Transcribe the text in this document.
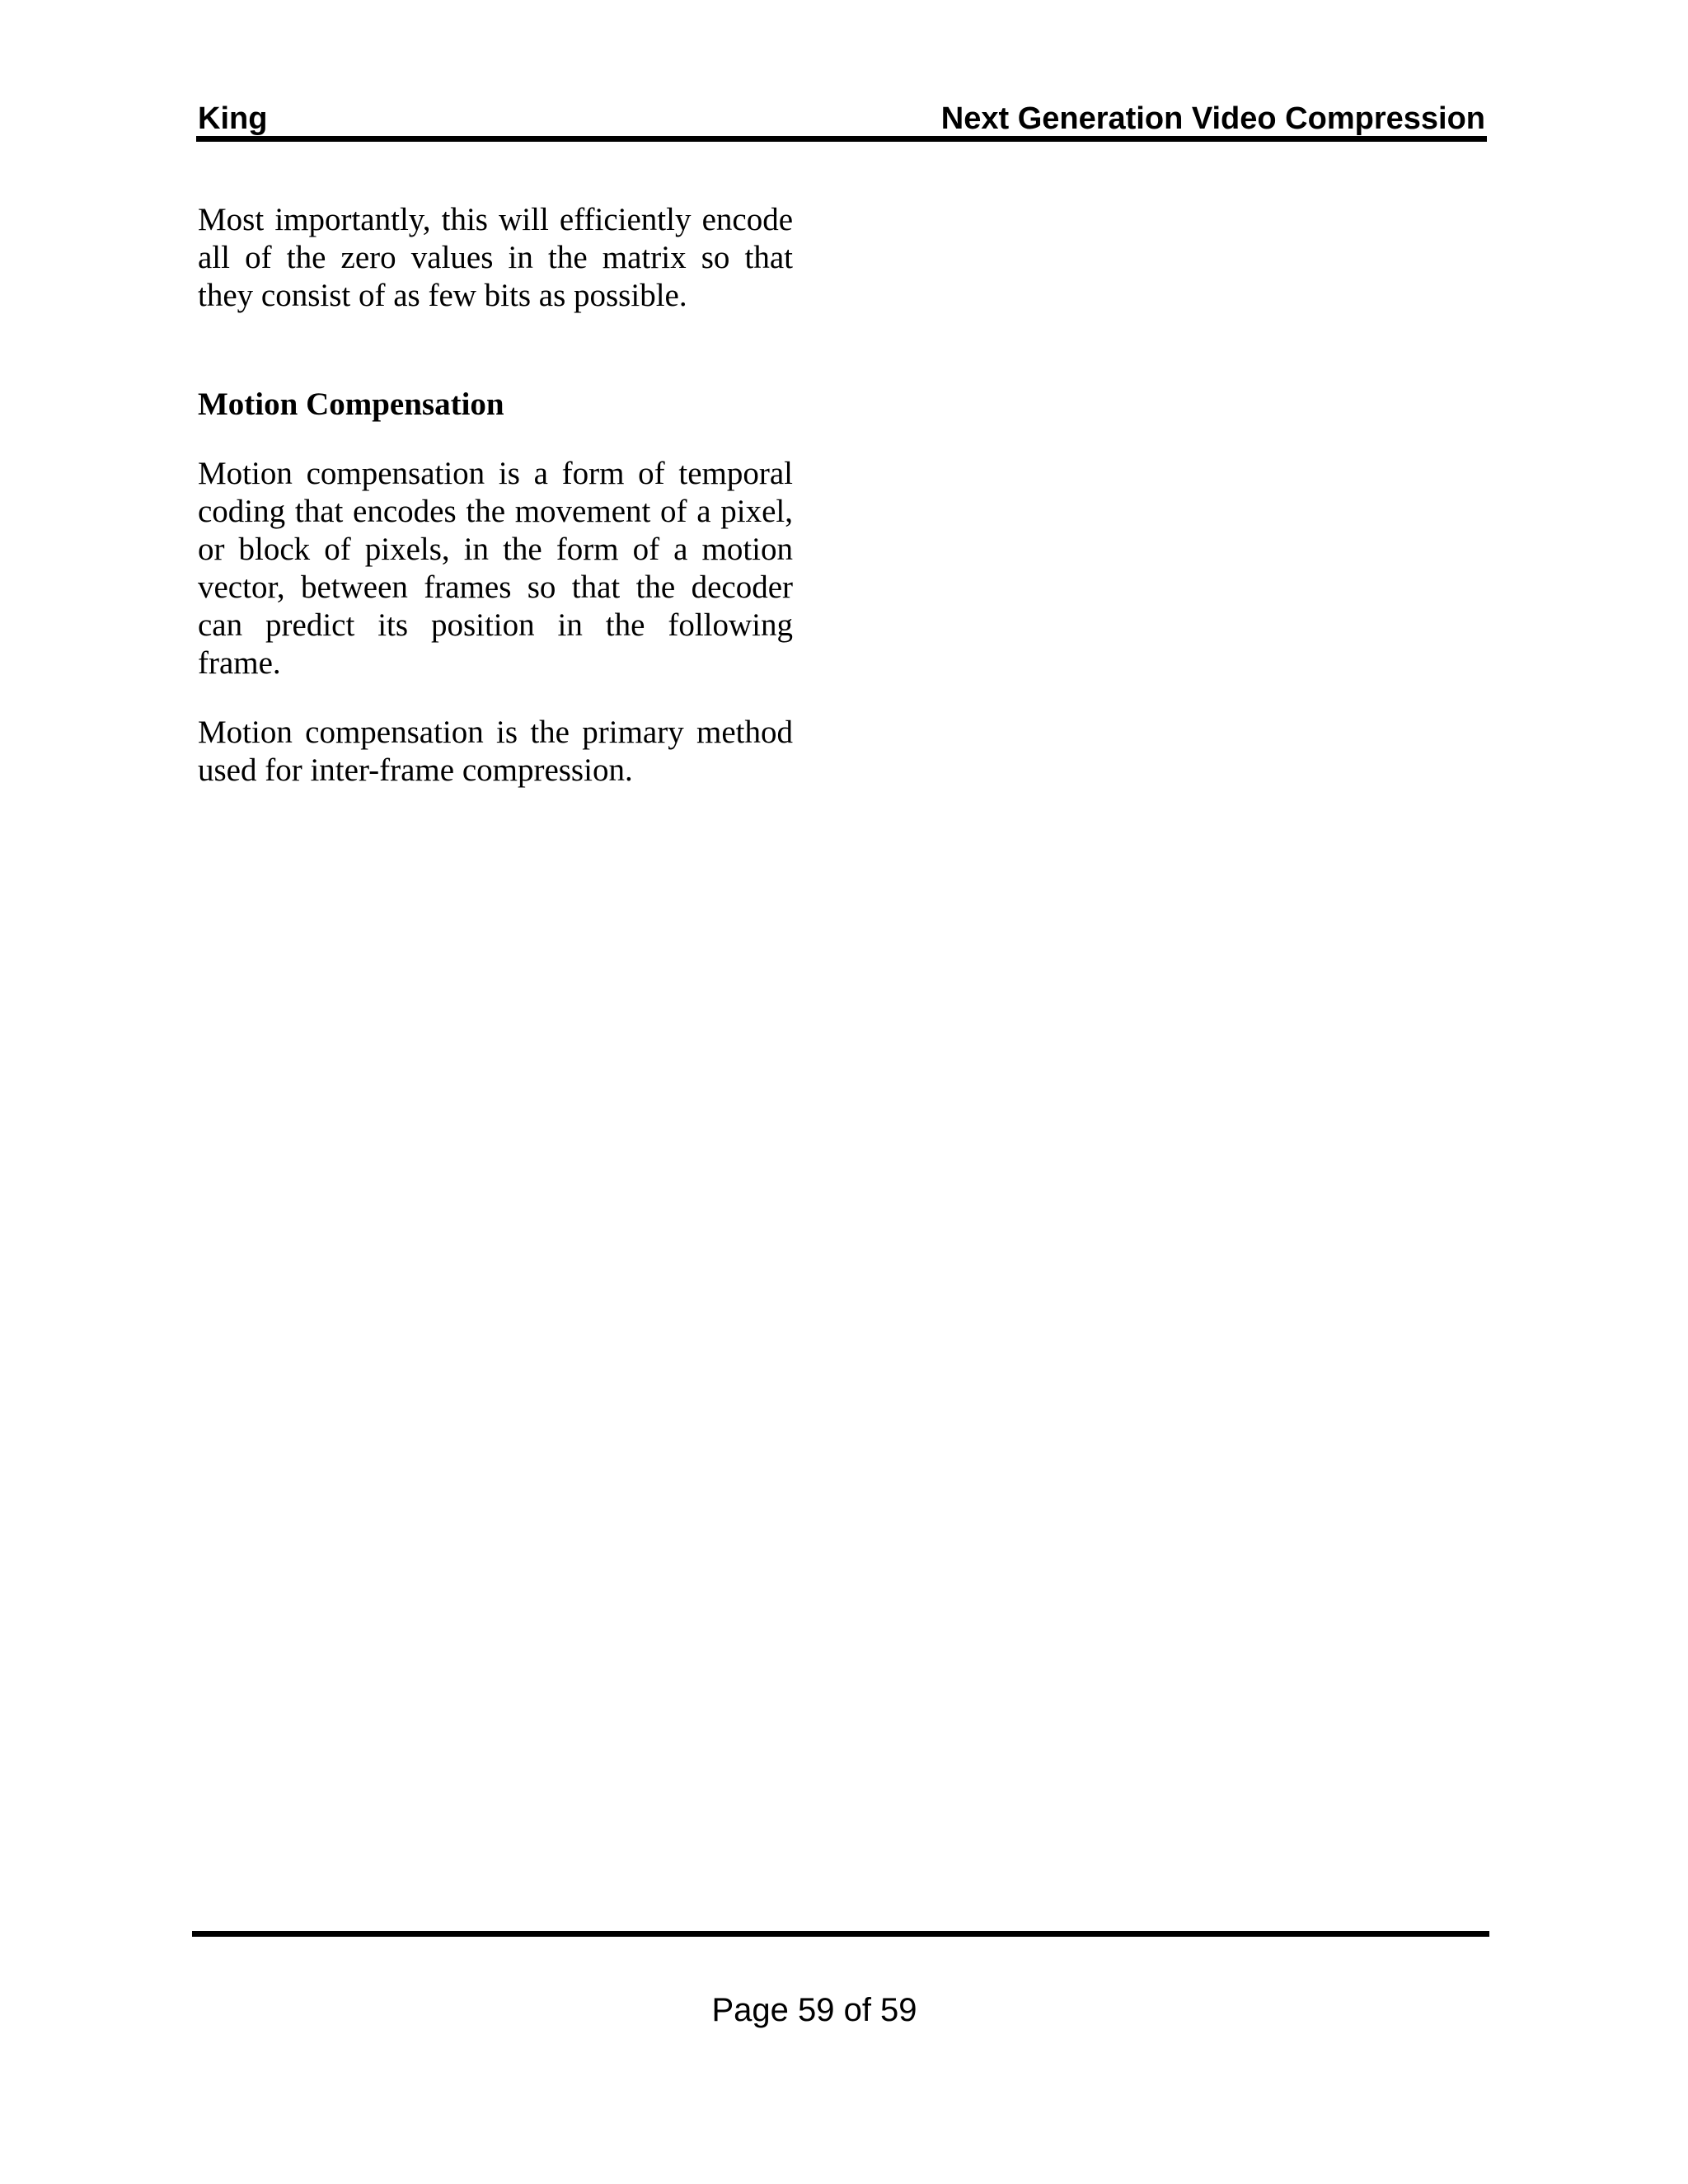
King	Next Generation Video Compression

Most importantly, this will efficiently encode all of the zero values in the matrix so that they consist of as few bits as possible.

Motion Compensation

Motion compensation is a form of temporal coding that encodes the movement of a pixel, or block of pixels, in the form of a motion vector, between frames so that the decoder can predict its position in the following frame.

Motion compensation is the primary method used for inter-frame compression.

Page 59 of 59
